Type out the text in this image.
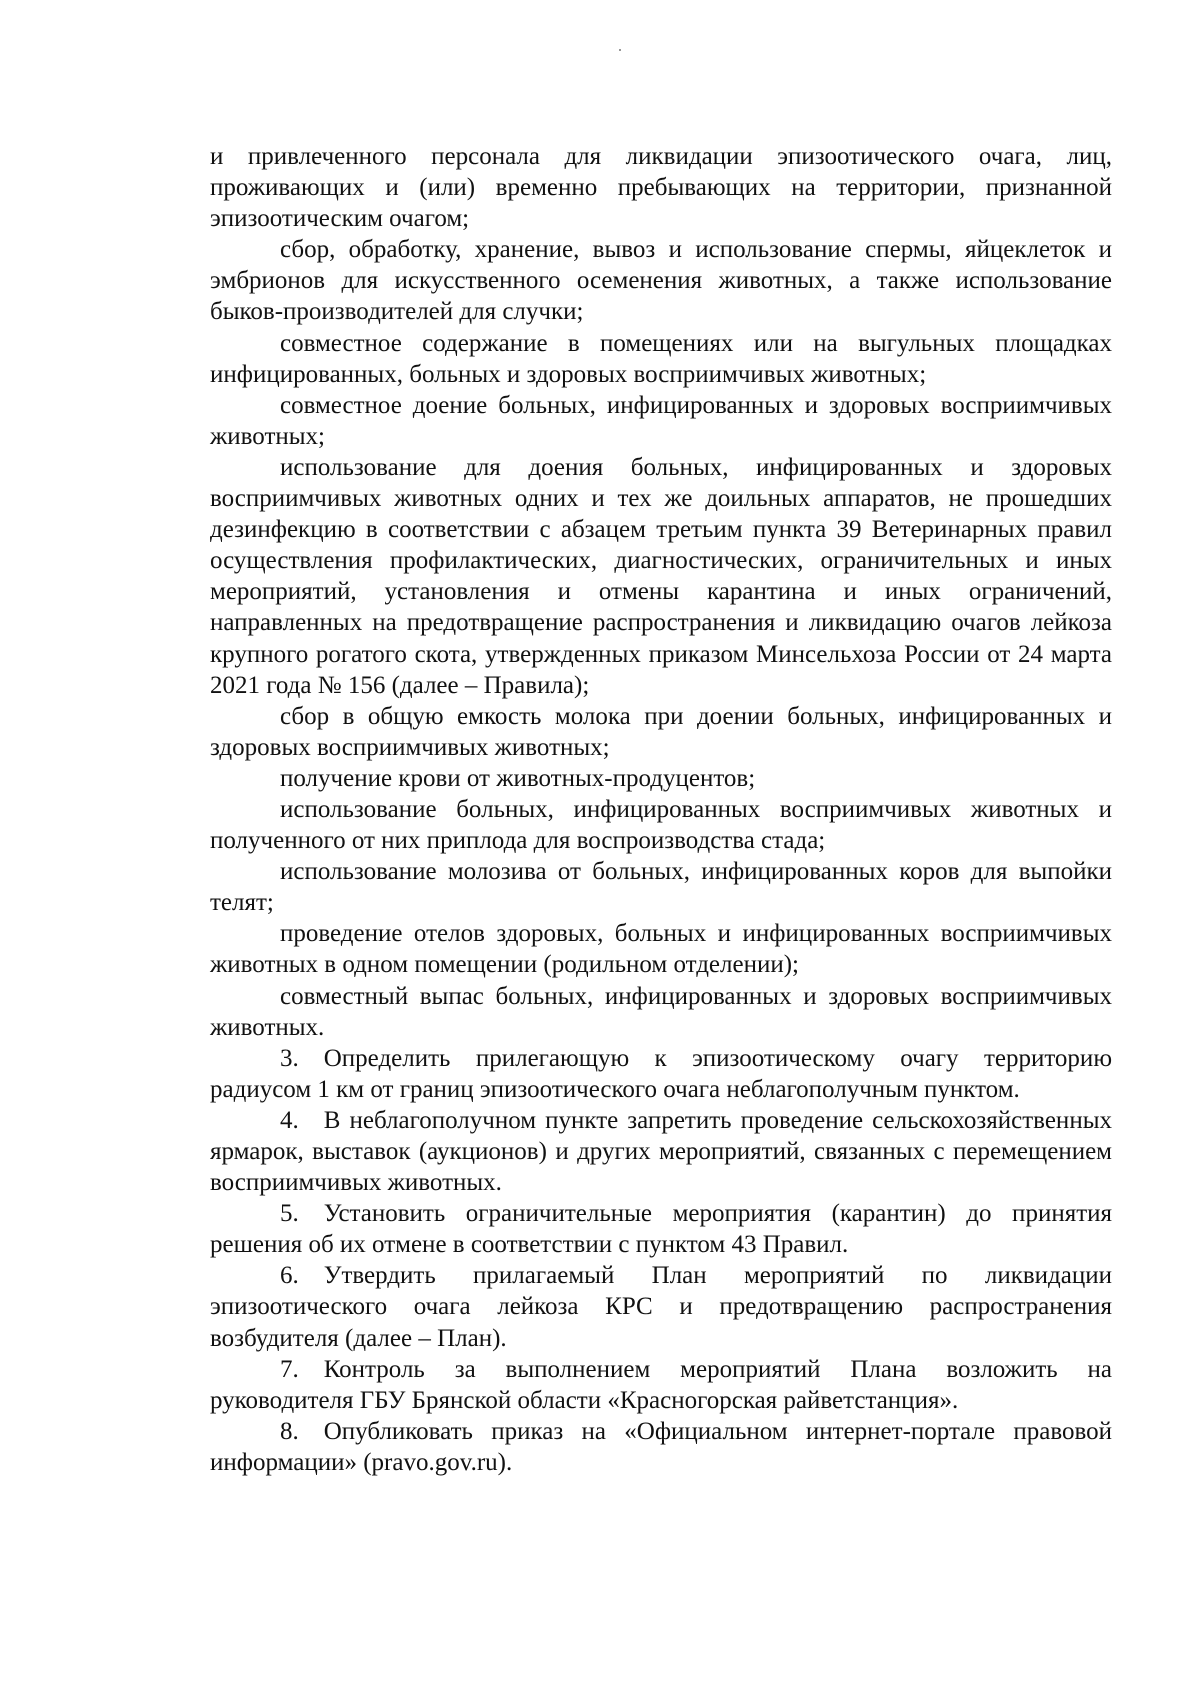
и привлеченного персонала для ликвидации эпизоотического очага, лиц, проживающих и (или) временно пребывающих на территории, признанной эпизоотическим очагом;

сбор, обработку, хранение, вывоз и использование спермы, яйцеклеток и эмбрионов для искусственного осеменения животных, а также использование быков-производителей для случки;

совместное содержание в помещениях или на выгульных площадках инфицированных, больных и здоровых восприимчивых животных;

совместное доение больных, инфицированных и здоровых восприимчивых животных;

использование для доения больных, инфицированных и здоровых восприимчивых животных одних и тех же доильных аппаратов, не прошедших дезинфекцию в соответствии с абзацем третьим пункта 39 Ветеринарных правил осуществления профилактических, диагностических, ограничительных и иных мероприятий, установления и отмены карантина и иных ограничений, направленных на предотвращение распространения и ликвидацию очагов лейкоза крупного рогатого скота, утвержденных приказом Минсельхоза России от 24 марта 2021 года № 156 (далее – Правила);

сбор в общую емкость молока при доении больных, инфицированных и здоровых восприимчивых животных;

получение крови от животных-продуцентов;

использование больных, инфицированных восприимчивых животных и полученного от них приплода для воспроизводства стада;

использование молозива от больных, инфицированных коров для выпойки телят;

проведение отелов здоровых, больных и инфицированных восприимчивых животных в одном помещении (родильном отделении);

совместный выпас больных, инфицированных и здоровых восприимчивых животных.

3. Определить прилегающую к эпизоотическому очагу территорию радиусом 1 км от границ эпизоотического очага неблагополучным пунктом.

4. В неблагополучном пункте запретить проведение сельскохозяйственных ярмарок, выставок (аукционов) и других мероприятий, связанных с перемещением восприимчивых животных.

5. Установить ограничительные мероприятия (карантин) до принятия решения об их отмене в соответствии с пунктом 43 Правил.

6. Утвердить прилагаемый План мероприятий по ликвидации эпизоотического очага лейкоза КРС и предотвращению распространения возбудителя (далее – План).

7. Контроль за выполнением мероприятий Плана возложить на руководителя ГБУ Брянской области «Красногорская райветстанция».

8. Опубликовать приказ на «Официальном интернет-портале правовой информации» (pravo.gov.ru).
